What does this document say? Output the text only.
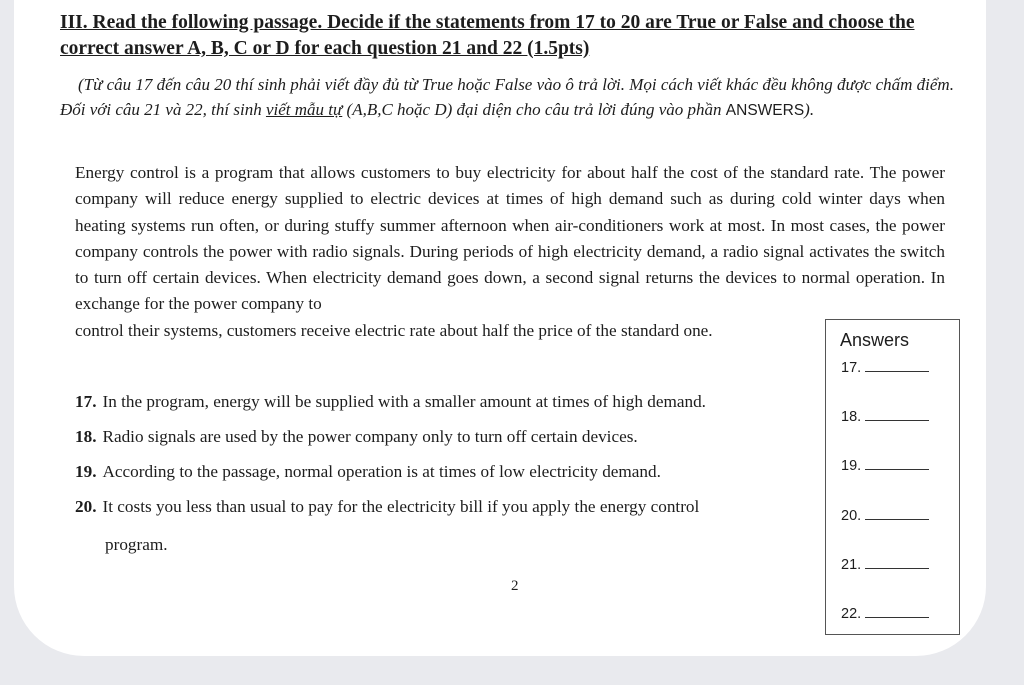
III. Read the following passage. Decide if the statements from 17 to 20 are True or False and choose the correct answer A, B, C or D for each question 21 and 22 (1.5pts)
(Từ câu 17 đến câu 20 thí sinh phải viết đầy đủ từ True hoặc False vào ô trả lời. Mọi cách viết khác đều không được chấm điểm. Đối với câu 21 và 22, thí sinh viết mẫu tự (A,B,C hoặc D) đại diện cho câu trả lời đúng vào phần ANSWERS).
Energy control is a program that allows customers to buy electricity for about half the cost of the standard rate. The power company will reduce energy supplied to electric devices at times of high demand such as during cold winter days when heating systems run often, or during stuffy summer afternoon when air-conditioners work at most. In most cases, the power company controls the power with radio signals. During periods of high electricity demand, a radio signal activates the switch to turn off certain devices. When electricity demand goes down, a second signal returns the devices to normal operation. In exchange for the power company to
control their systems, customers receive electric rate about half the price of the standard one.
17. In the program, energy will be supplied with a smaller amount at times of high demand.
18. Radio signals are used by the power company only to turn off certain devices.
19. According to the passage, normal operation is at times of low electricity demand.
20. It costs you less than usual to pay for the electricity bill if you apply the energy control
program.
2
Answers
17.
18.
19.
20.
21.
22.
